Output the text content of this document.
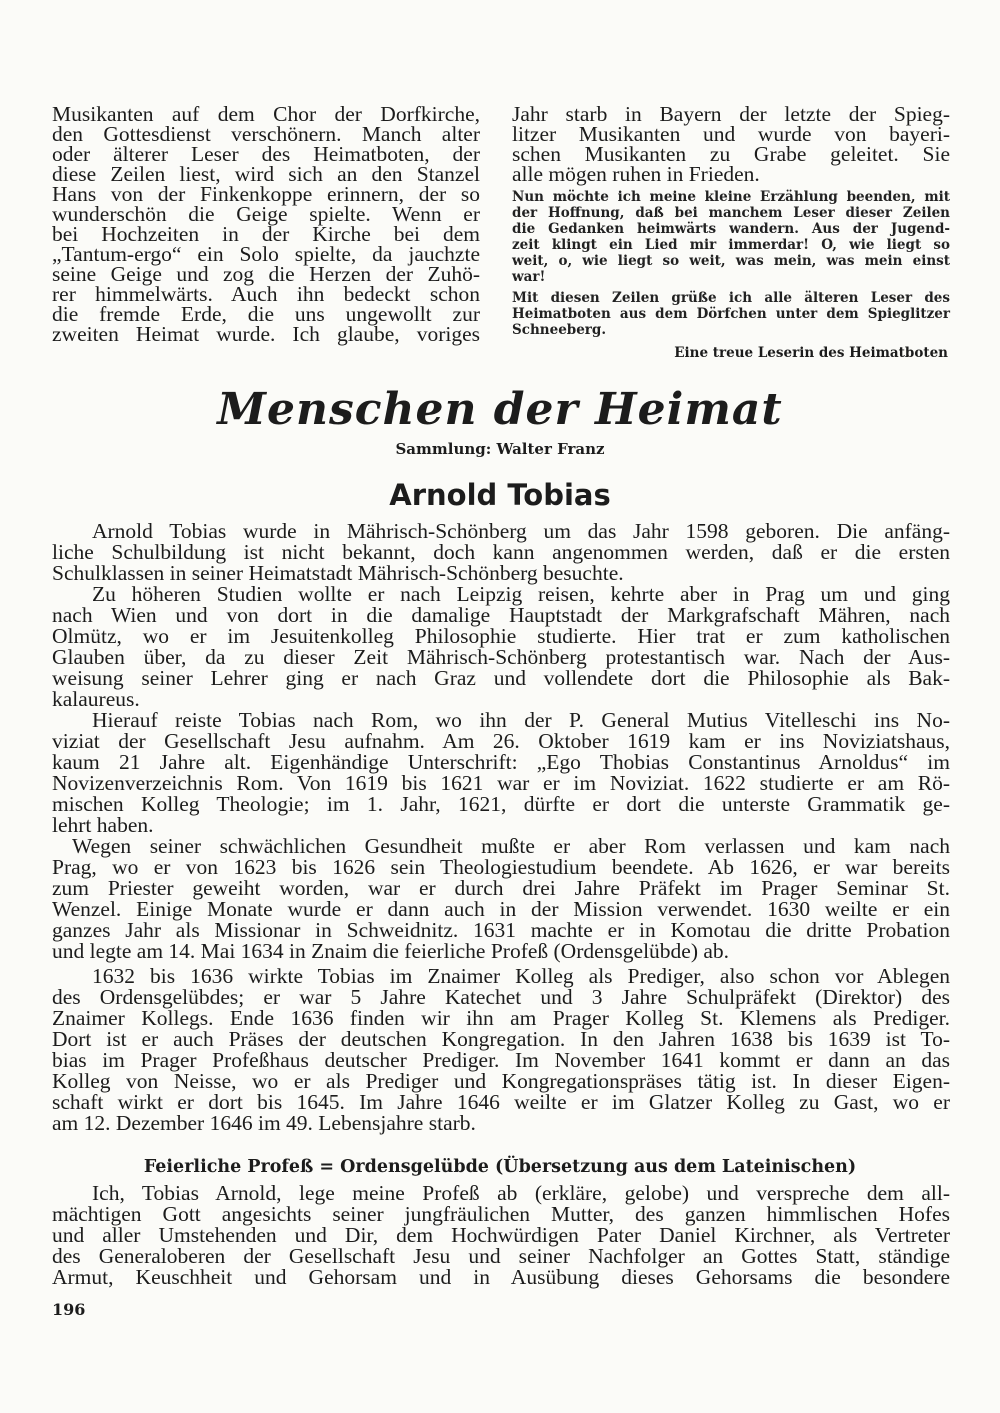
Musikanten auf dem Chor der Dorfkirche,
den Gottesdienst verschönern. Manch alter
oder älterer Leser des Heimatboten, der
diese Zeilen liest, wird sich an den Stanzel
Hans von der Finkenkoppe erinnern, der so
wunderschön die Geige spielte. Wenn er
bei Hochzeiten in der Kirche bei dem
„Tantum-ergo“ ein Solo spielte, da jauchzte
seine Geige und zog die Herzen der Zuhö-
rer himmelwärts. Auch ihn bedeckt schon
die fremde Erde, die uns ungewollt zur
zweiten Heimat wurde. Ich glaube, voriges
Jahr starb in Bayern der letzte der Spieg-
litzer Musikanten und wurde von bayeri-
schen Musikanten zu Grabe geleitet. Sie
alle mögen ruhen in Frieden.
Nun möchte ich meine kleine Erzählung beenden, mit
der Hoffnung, daß bei manchem Leser dieser Zeilen
die Gedanken heimwärts wandern. Aus der Jugend-
zeit klingt ein Lied mir immerdar! O, wie liegt so
weit, o, wie liegt so weit, was mein, was mein einst
war!
Mit diesen Zeilen grüße ich alle älteren Leser des
Heimatboten aus dem Dörfchen unter dem Spieglitzer
Schneeberg.
Eine treue Leserin des Heimatboten
Menschen der Heimat
Sammlung: Walter Franz
Arnold Tobias
Arnold Tobias wurde in Mährisch-Schönberg um das Jahr 1598 geboren. Die anfäng-
liche Schulbildung ist nicht bekannt, doch kann angenommen werden, daß er die ersten
Schulklassen in seiner Heimatstadt Mährisch-Schönberg besuchte.
Zu höheren Studien wollte er nach Leipzig reisen, kehrte aber in Prag um und ging
nach Wien und von dort in die damalige Hauptstadt der Markgrafschaft Mähren, nach
Olmütz, wo er im Jesuitenkolleg Philosophie studierte. Hier trat er zum katholischen
Glauben über, da zu dieser Zeit Mährisch-Schönberg protestantisch war. Nach der Aus-
weisung seiner Lehrer ging er nach Graz und vollendete dort die Philosophie als Bak-
kalaureus.
Hierauf reiste Tobias nach Rom, wo ihn der P. General Mutius Vitelleschi ins No-
viziat der Gesellschaft Jesu aufnahm. Am 26. Oktober 1619 kam er ins Noviziatshaus,
kaum 21 Jahre alt. Eigenhändige Unterschrift: „Ego Thobias Constantinus Arnoldus“ im
Novizenverzeichnis Rom. Von 1619 bis 1621 war er im Noviziat. 1622 studierte er am Rö-
mischen Kolleg Theologie; im 1. Jahr, 1621, dürfte er dort die unterste Grammatik ge-
lehrt haben.
Wegen seiner schwächlichen Gesundheit mußte er aber Rom verlassen und kam nach
Prag, wo er von 1623 bis 1626 sein Theologiestudium beendete. Ab 1626, er war bereits
zum Priester geweiht worden, war er durch drei Jahre Präfekt im Prager Seminar St.
Wenzel. Einige Monate wurde er dann auch in der Mission verwendet. 1630 weilte er ein
ganzes Jahr als Missionar in Schweidnitz. 1631 machte er in Komotau die dritte Probation
und legte am 14. Mai 1634 in Znaim die feierliche Profeß (Ordensgelübde) ab.
1632 bis 1636 wirkte Tobias im Znaimer Kolleg als Prediger, also schon vor Ablegen
des Ordensgelübdes; er war 5 Jahre Katechet und 3 Jahre Schulpräfekt (Direktor) des
Znaimer Kollegs. Ende 1636 finden wir ihn am Prager Kolleg St. Klemens als Prediger.
Dort ist er auch Präses der deutschen Kongregation. In den Jahren 1638 bis 1639 ist To-
bias im Prager Profeßhaus deutscher Prediger. Im November 1641 kommt er dann an das
Kolleg von Neisse, wo er als Prediger und Kongregationspräses tätig ist. In dieser Eigen-
schaft wirkt er dort bis 1645. Im Jahre 1646 weilte er im Glatzer Kolleg zu Gast, wo er
am 12. Dezember 1646 im 49. Lebensjahre starb.
Feierliche Profeß = Ordensgelübde (Übersetzung aus dem Lateinischen)
Ich, Tobias Arnold, lege meine Profeß ab (erkläre, gelobe) und verspreche dem all-
mächtigen Gott angesichts seiner jungfräulichen Mutter, des ganzen himmlischen Hofes
und aller Umstehenden und Dir, dem Hochwürdigen Pater Daniel Kirchner, als Vertreter
des Generaloberen der Gesellschaft Jesu und seiner Nachfolger an Gottes Statt, ständige
Armut, Keuschheit und Gehorsam und in Ausübung dieses Gehorsams die besondere
196
